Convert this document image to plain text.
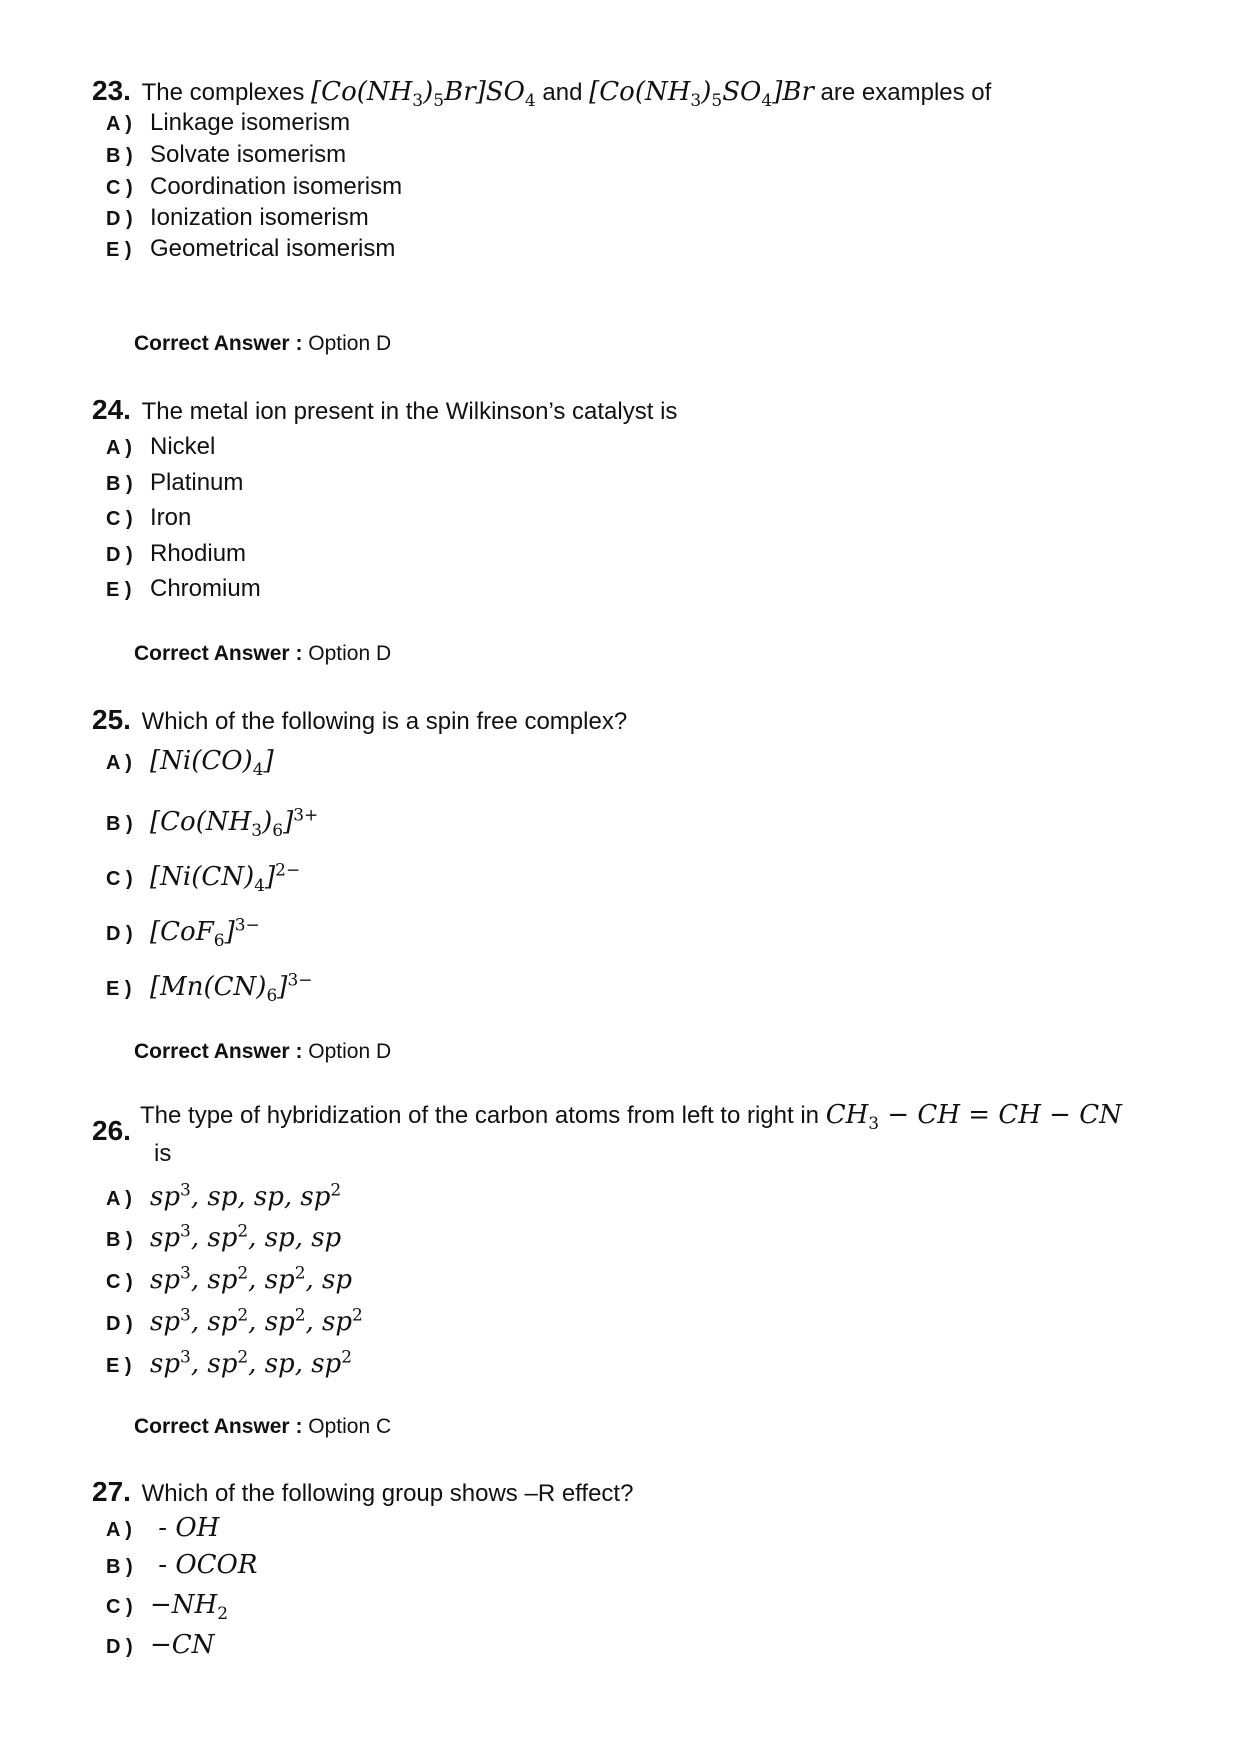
23. The complexes $[Co(NH_3)_5Br]SO_4$ and $[Co(NH_3)_5SO_4]Br$ are examples of
A ) Linkage isomerism
B ) Solvate isomerism
C ) Coordination isomerism
D ) Ionization isomerism
E ) Geometrical isomerism
Correct Answer : Option D
24. The metal ion present in the Wilkinson’s catalyst is
A ) Nickel
B ) Platinum
C ) Iron
D ) Rhodium
E ) Chromium
Correct Answer : Option D
25. Which of the following is a spin free complex?
A ) $[Ni(CO)_4]$
B ) $[Co(NH_3)_6]^{3+}$
C ) $[Ni(CN)_4]^{2-}$
D ) $[CoF_6]^{3-}$
E ) $[Mn(CN)_6]^{3-}$
Correct Answer : Option D
26. The type of hybridization of the carbon atoms from left to right in $CH_3$ − CH = CH − CN
is
A ) $sp^3$, sp, sp, $sp^2$
B ) $sp^3$, $sp^2$, sp, sp
C ) $sp^3$, $sp^2$, $sp^2$, sp
D ) $sp^3$, $sp^2$, $sp^2$, $sp^2$
E ) $sp^3$, $sp^2$, sp, $sp^2$
Correct Answer : Option C
27. Which of the following group shows –R effect?
A ) - OH
B ) - OCOR
C ) $-NH_2$
D ) −CN
